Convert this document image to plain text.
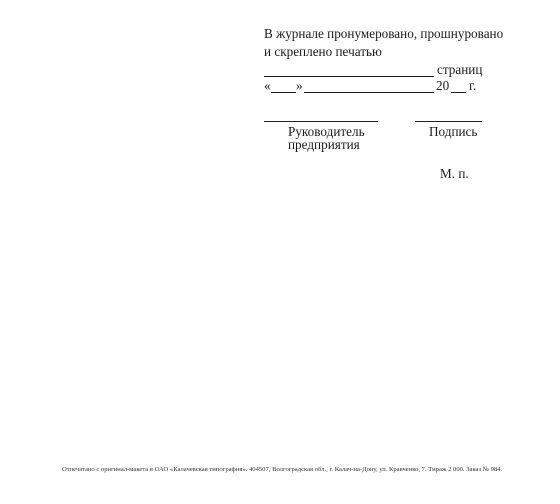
В журнале пронумеровано, прошнуровано
и скреплено печатью
страниц
« »	20 г.
Руководитель
предприятия
Подпись
М. п.
Отпечатано с оригинал-макета в ОАО «Калачевская типография». 404507, Волгоградская обл., г. Калач-на-Дону, ул. Кравченко, 7. Тираж 2 000. Заказ № 984.
